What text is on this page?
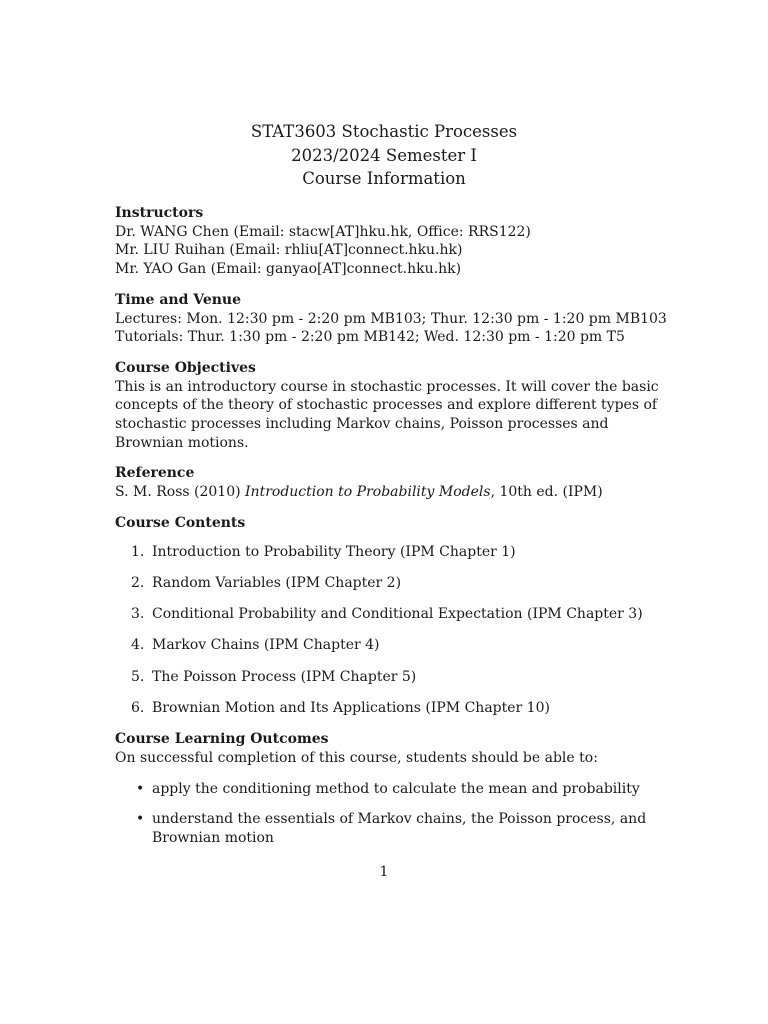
STAT3603 Stochastic Processes
2023/2024 Semester I
Course Information

Instructors

Dr. WANG Chen (Email: stacw[AT]hku.hk, Office: RRS122)

Mr. LIU Ruihan (Email: rhliu[AT]connect.hku.hk)

Mr. YAO Gan (Email: ganyao[AT]connect.hku.hk)

Time and Venue

Lectures: Mon. 12:30 pm - 2:20 pm MB103; Thur. 12:30 pm - 1:20 pm MB103

Tutorials: Thur. 1:30 pm - 2:20 pm MB142; Wed. 12:30 pm - 1:20 pm T5

Course Objectives

This is an introductory course in stochastic processes. It will cover the basic concepts of the theory of stochastic processes and explore different types of stochastic processes including Markov chains, Poisson processes and Brownian motions.

Reference

S. M. Ross (2010) Introduction to Probability Models, 10th ed. (IPM)

Course Contents

1. Introduction to Probability Theory (IPM Chapter 1)
2. Random Variables (IPM Chapter 2)
3. Conditional Probability and Conditional Expectation (IPM Chapter 3)
4. Markov Chains (IPM Chapter 4)
5. The Poisson Process (IPM Chapter 5)
6. Brownian Motion and Its Applications (IPM Chapter 10)

Course Learning Outcomes

On successful completion of this course, students should be able to:

• apply the conditioning method to calculate the mean and probability
• understand the essentials of Markov chains, the Poisson process, and Brownian motion
1
